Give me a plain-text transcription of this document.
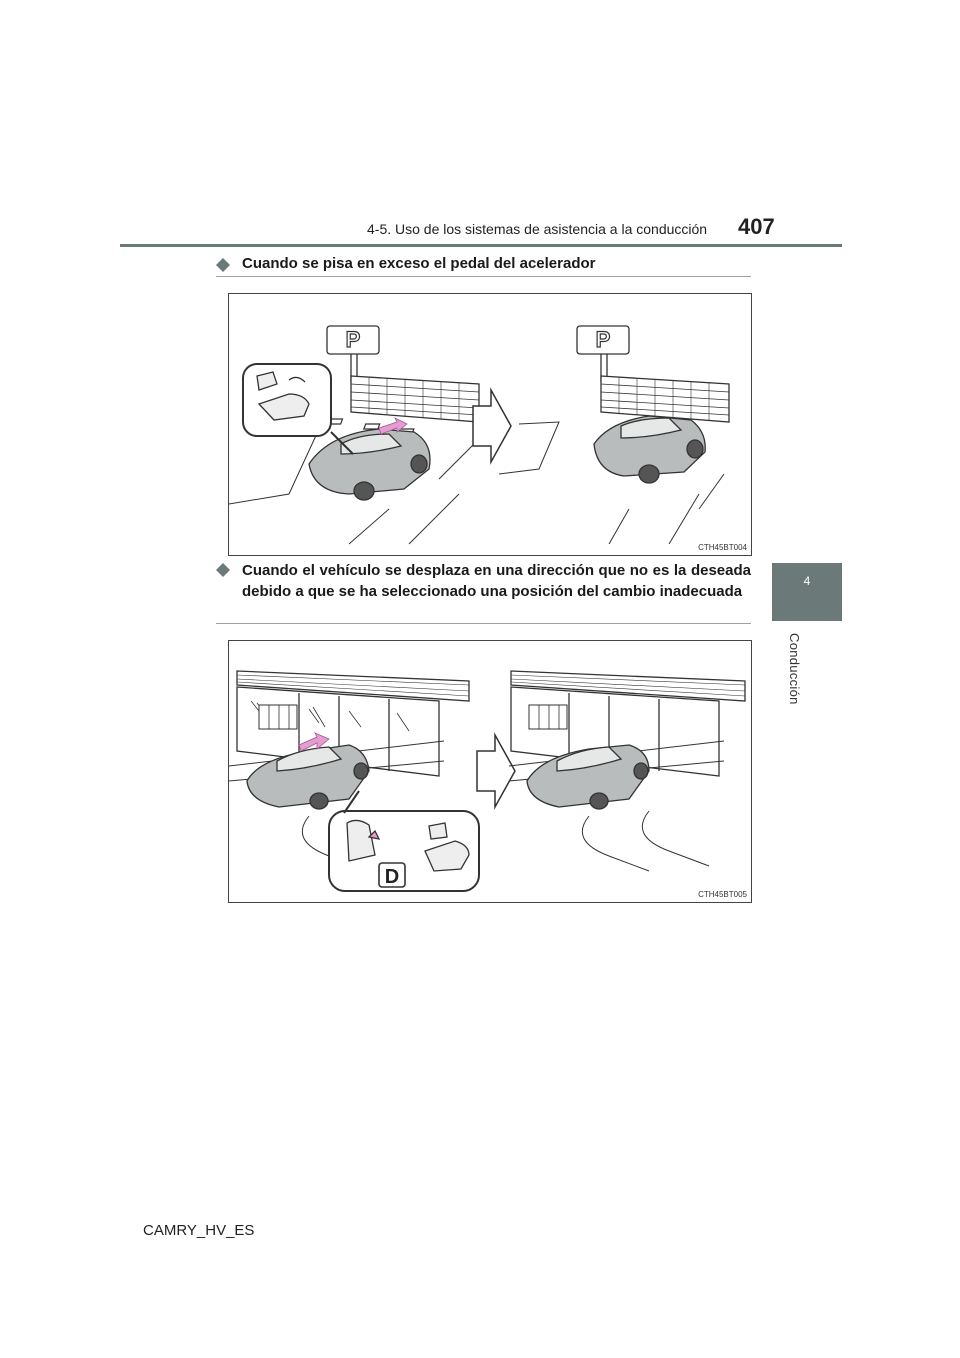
4-5. Uso de los sistemas de asistencia a la conducción 407
4
Conducción
Cuando se pisa en exceso el pedal del acelerador
P	P
CTH45BT004
Cuando el vehículo se desplaza en una dirección que no es la deseada debido a que se ha seleccionado una posición del cambio inadecuada
D
CTH45BT005
CAMRY_HV_ES
